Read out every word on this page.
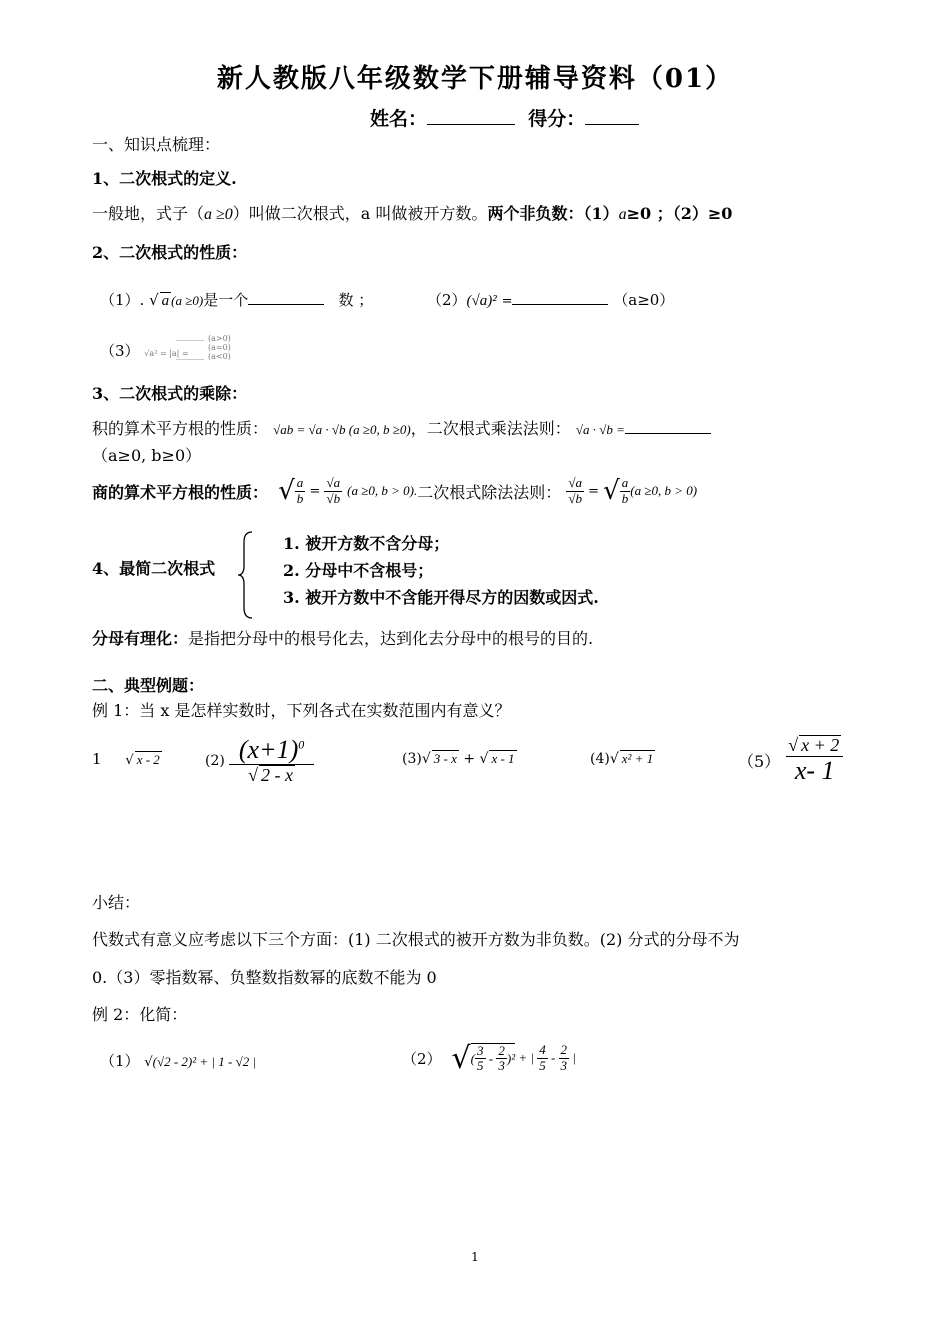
新人教版八年级数学下册辅导资料（01）
姓名：	得分：
一、知识点梳理：
1、二次根式的定义.
一般地，式子（a ≥0）叫做二次根式，a 叫做被开方数。两个非负数：（1）a≥0 ；（2）≥0
2、二次根式的性质：
（1）. √ a (a ≥0)是一个	数 ；	（2）(√a)² =	（a≥0）
（3） √a² = |a| =
(a>0)
(a=0)
(a<0)
3、二次根式的乘除：
积的算术平方根的性质： √ab = √a · √b (a ≥0, b ≥0)，二次根式乘法法则： √a · √b =
（a≥0, b≥0）
商的算术平方根的性质：
√ $\frac{a}{b} = \frac{√a}{√b}$
(a ≥0, b > 0). 二次根式除法法则：
$\frac{√a}{√b}$ = √ $\frac{a}{b} (a \ge 0$, b > 0)
4、最简二次根式
1. 被开方数不含分母；
2. 分母中不含根号；
3. 被开方数中不含能开得尽方的因数或因式.
分母有理化：是指把分母中的根号化去，达到化去分母中的根号的目的.
二、典型例题：
例 1：当 x 是怎样实数时，下列各式在实数范围内有意义？
1 √ x - 2	$(2) \frac{(x+1)^0}{√ 2 - x}$	(3)√ 3 - x + √ x - 1	(4)√ x² + 1	$(5) \frac{√ x + 2}{x- 1}$
小结：
代数式有意义应考虑以下三个方面：(1) 二次根式的被开方数为非负数。(2) 分式的分母不为
0.（3）零指数幂、负整数指数幂的底数不能为 0
例 2：化简：
（1） √(√2 - 2)² + | 1 - √2 |	（2） √ ( $\frac{3}{5} - \frac{2}{3} )^2$ + | $\frac{4}{5} - \frac{2}{3}$ |
1
